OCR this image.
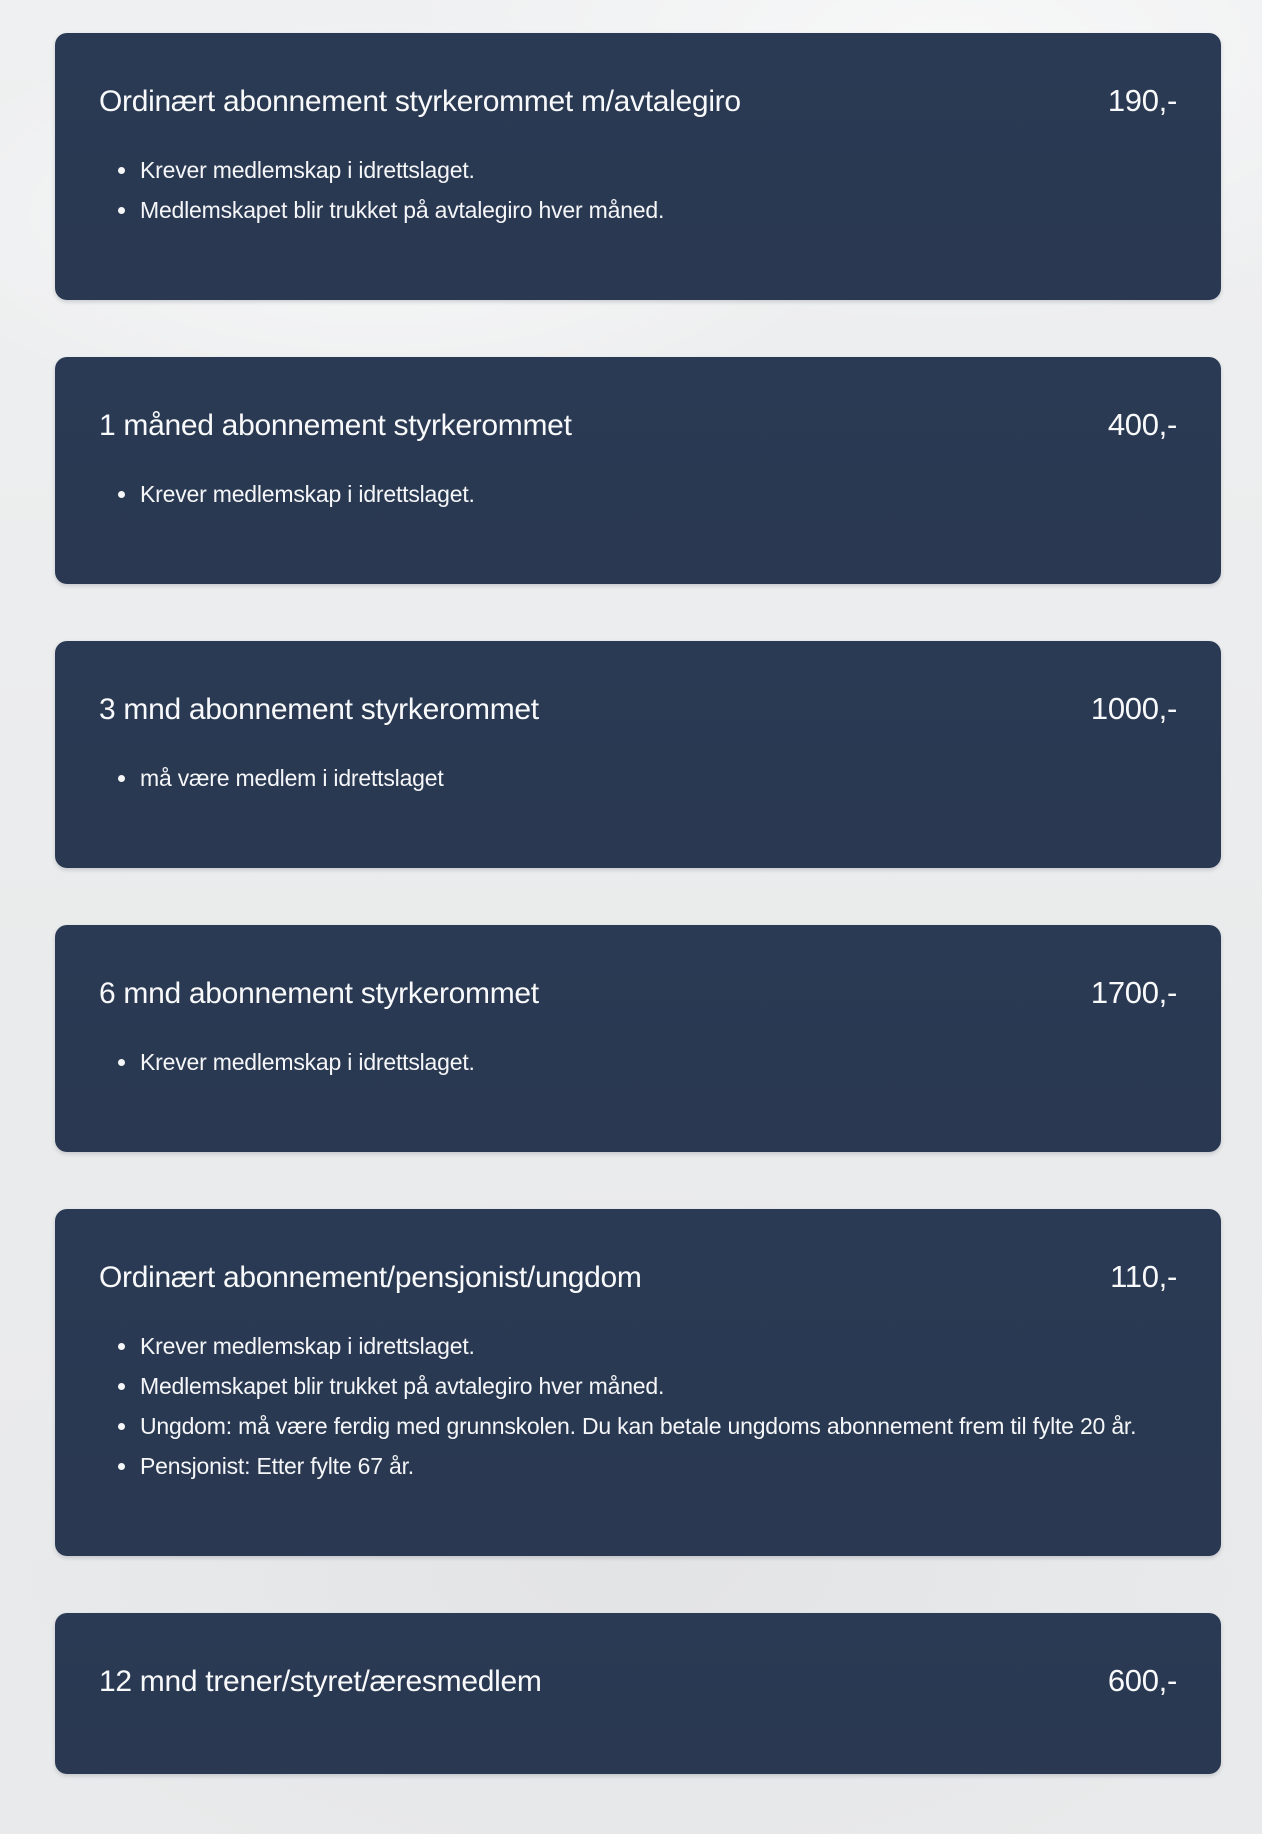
Ordinært abonnement styrkerommet m/avtalegiro	190,-
Krever medlemskap i idrettslaget.
Medlemskapet blir trukket på avtalegiro hver måned.
1 måned abonnement styrkerommet	400,-
Krever medlemskap i idrettslaget.
3 mnd abonnement styrkerommet	1000,-
må være medlem i idrettslaget
6 mnd abonnement styrkerommet	1700,-
Krever medlemskap i idrettslaget.
Ordinært abonnement/pensjonist/ungdom	110,-
Krever medlemskap i idrettslaget.
Medlemskapet blir trukket på avtalegiro hver måned.
Ungdom: må være ferdig med grunnskolen. Du kan betale ungdoms abonnement frem til fylte 20 år.
Pensjonist: Etter fylte 67 år.
12 mnd trener/styret/æresmedlem	600,-
